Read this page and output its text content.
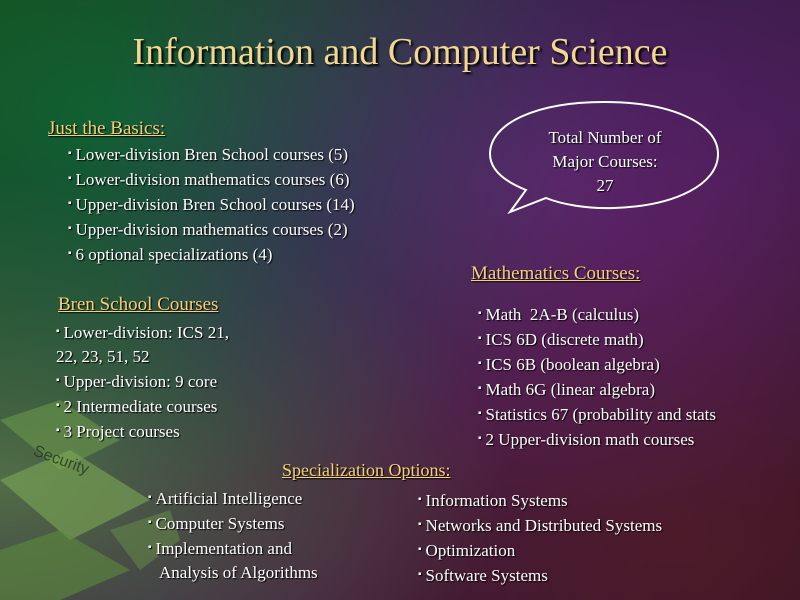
Security
Information and Computer Science
Just the Basics:
▪ Lower-division Bren School courses (5)
▪ Lower-division mathematics courses (6)
▪ Upper-division Bren School courses (14)
▪ Upper-division mathematics courses (2)
▪ 6 optional specializations (4)
Total Number of
Major Courses:
27
Mathematics Courses:
▪ Math  2A-B (calculus)
▪ ICS 6D (discrete math)
▪ ICS 6B (boolean algebra)
▪ Math 6G (linear algebra)
▪ Statistics 67 (probability and stats
▪ 2 Upper-division math courses
Bren School Courses
▪ Lower-division: ICS 21,
22, 23, 51, 52
▪ Upper-division: 9 core
▪ 2 Intermediate courses
▪ 3 Project courses
Specialization Options:
▪ Artificial Intelligence
▪ Computer Systems
▪ Implementation and
Analysis of Algorithms
▪ Information Systems
▪ Networks and Distributed Systems
▪ Optimization
▪ Software Systems
